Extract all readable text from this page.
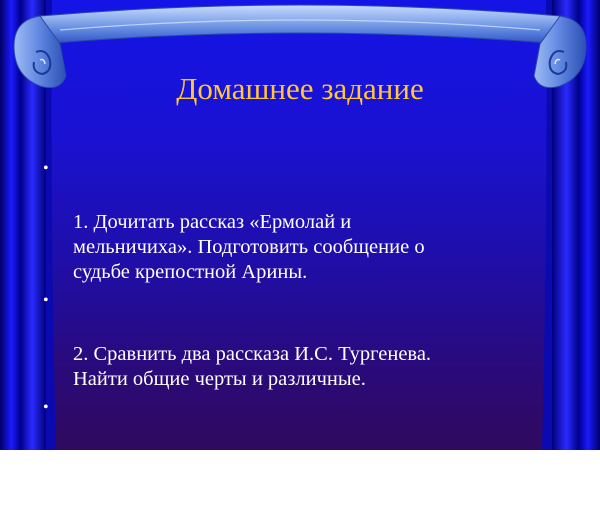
Домашнее задание

•

1. Дочитать рассказ «Ермолай и
мельничиха». Подготовить сообщение о
судьбе крепостной Арины.

•

2. Сравнить два рассказа И.С. Тургенева.
Найти общие черты и различные.

•

3. Подготовить сообщение о формах
протеста в произведениях И.С. Тургенева
и Н.А. Некрасова
